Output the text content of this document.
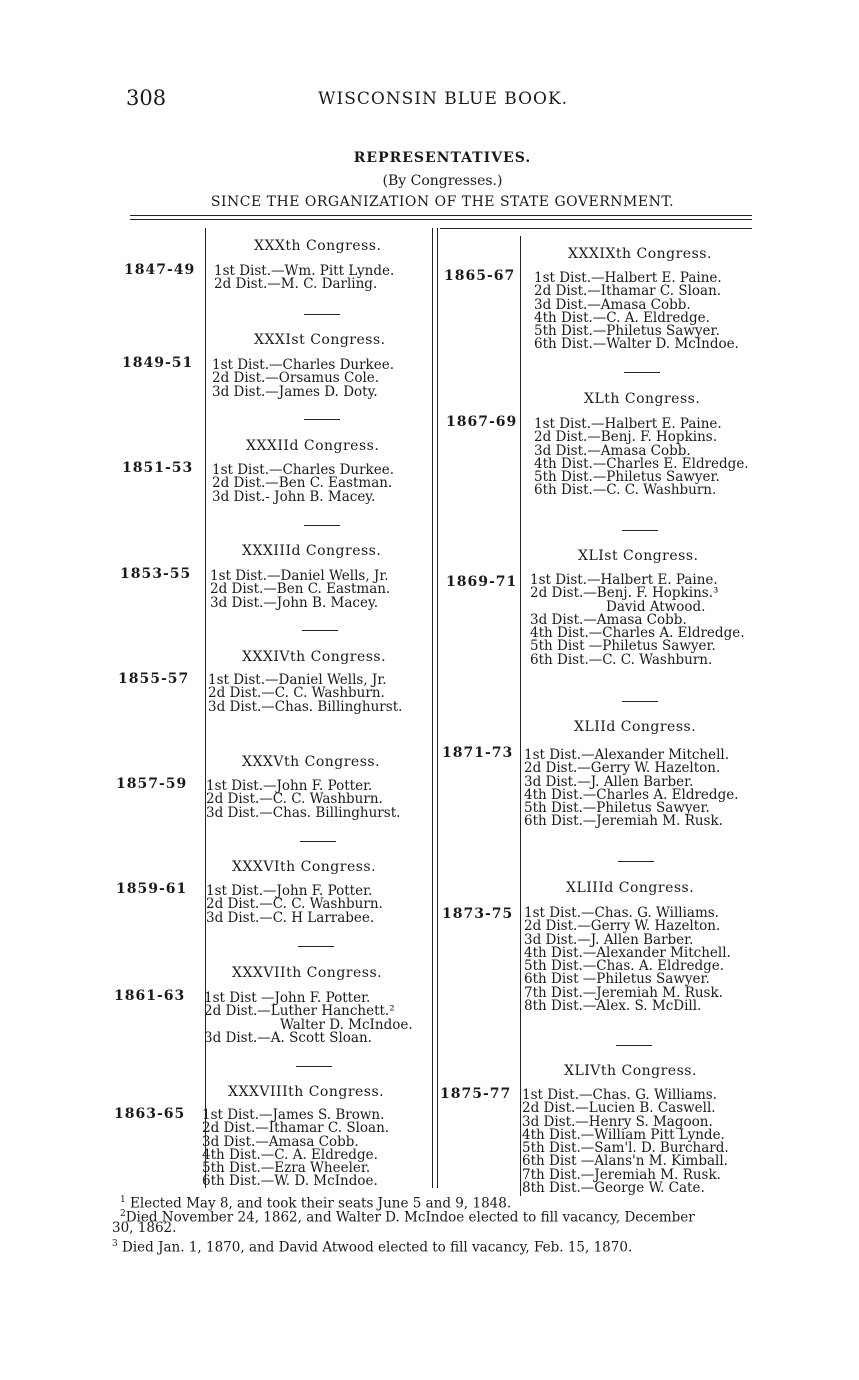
308	WISCONSIN BLUE BOOK.
REPRESENTATIVES.
(By Congresses.)
SINCE THE ORGANIZATION OF THE STATE GOVERNMENT.
XXXth Congress.
1847-49 1st Dist.—Wm. Pitt Lynde.
2d Dist.—M. C. Darling.
XXXIst Congress.
1849-51 1st Dist.—Charles Durkee.
2d Dist.—Orsamus Cole.
3d Dist.—James D. Doty.
XXXIId Congress.
1851-53 1st Dist.—Charles Durkee.
2d Dist.—Ben C. Eastman.
3d Dist.- John B. Macey.
XXXIIId Congress.
1853-55 1st Dist.—Daniel Wells, Jr.
2d Dist.—Ben C. Eastman.
3d Dist.—John B. Macey.
XXXIVth Congress.
1855-57 1st Dist.—Daniel Wells, Jr.
2d Dist.—C. C. Washburn.
3d Dist.—Chas. Billinghurst.
XXXVth Congress.
1857-59 1st Dist.—John F. Potter.
2d Dist.—C. C. Washburn.
3d Dist.—Chas. Billinghurst.
XXXVIth Congress.
1859-61 1st Dist.—John F. Potter.
2d Dist.—C. C. Washburn.
3d Dist.—C. H Larrabee.
XXXVIIth Congress.
1861-63 1st Dist —John F. Potter.
2d Dist.—Luther Hanchett.²
Walter D. McIndoe.
3d Dist.—A. Scott Sloan.
XXXVIIIth Congress.
1863-65 1st Dist.—James S. Brown.
2d Dist.—Ithamar C. Sloan.
3d Dist.—Amasa Cobb.
4th Dist.—C. A. Eldredge.
5th Dist.—Ezra Wheeler.
6th Dist.—W. D. McIndoe.
XXXIXth Congress.
1865-67 1st Dist.—Halbert E. Paine.
2d Dist.—Ithamar C. Sloan.
3d Dist.—Amasa Cobb.
4th Dist.—C. A. Eldredge.
5th Dist.—Philetus Sawyer.
6th Dist.—Walter D. McIndoe.
XLth Congress.
1867-69 1st Dist.—Halbert E. Paine.
2d Dist.—Benj. F. Hopkins.
3d Dist.—Amasa Cobb.
4th Dist.—Charles E. Eldredge.
5th Dist.—Philetus Sawyer.
6th Dist.—C. C. Washburn.
XLIst Congress.
1869-71 1st Dist.—Halbert E. Paine.
2d Dist.—Benj. F. Hopkins.³
David Atwood.
3d Dist.—Amasa Cobb.
4th Dist.—Charles A. Eldredge.
5th Dist —Philetus Sawyer.
6th Dist.—C. C. Washburn.
XLIId Congress.
1871-73 1st Dist.—Alexander Mitchell.
2d Dist.—Gerry W. Hazelton.
3d Dist.—J. Allen Barber.
4th Dist.—Charles A. Eldredge.
5th Dist.—Philetus Sawyer.
6th Dist.—Jeremiah M. Rusk.
XLIIId Congress.
1873-75 1st Dist.—Chas. G. Williams.
2d Dist.—Gerry W. Hazelton.
3d Dist.—J. Allen Barber.
4th Dist.—Alexander Mitchell.
5th Dist.—Chas. A. Eldredge.
6th Dist —Philetus Sawyer.
7th Dist.—Jeremiah M. Rusk.
8th Dist.—Alex. S. McDill.
XLIVth Congress.
1875-77 1st Dist.—Chas. G. Williams.
2d Dist.—Lucien B. Caswell.
3d Dist.—Henry S. Magoon.
4th Dist.—William Pitt Lynde.
5th Dist.—Sam'l. D. Burchard.
6th Dist —Alans'n M. Kimball.
7th Dist.—Jeremiah M. Rusk.
8th Dist.—George W. Cate.
$^1$ Elected May 8, and took their seats June 5 and 9, 1848.
$^2$Died November 24, 1862, and Walter D. McIndoe elected to fill vacancy, December
30, 1862.
$^3$ Died Jan. 1, 1870, and David Atwood elected to fill vacancy, Feb. 15, 1870.
